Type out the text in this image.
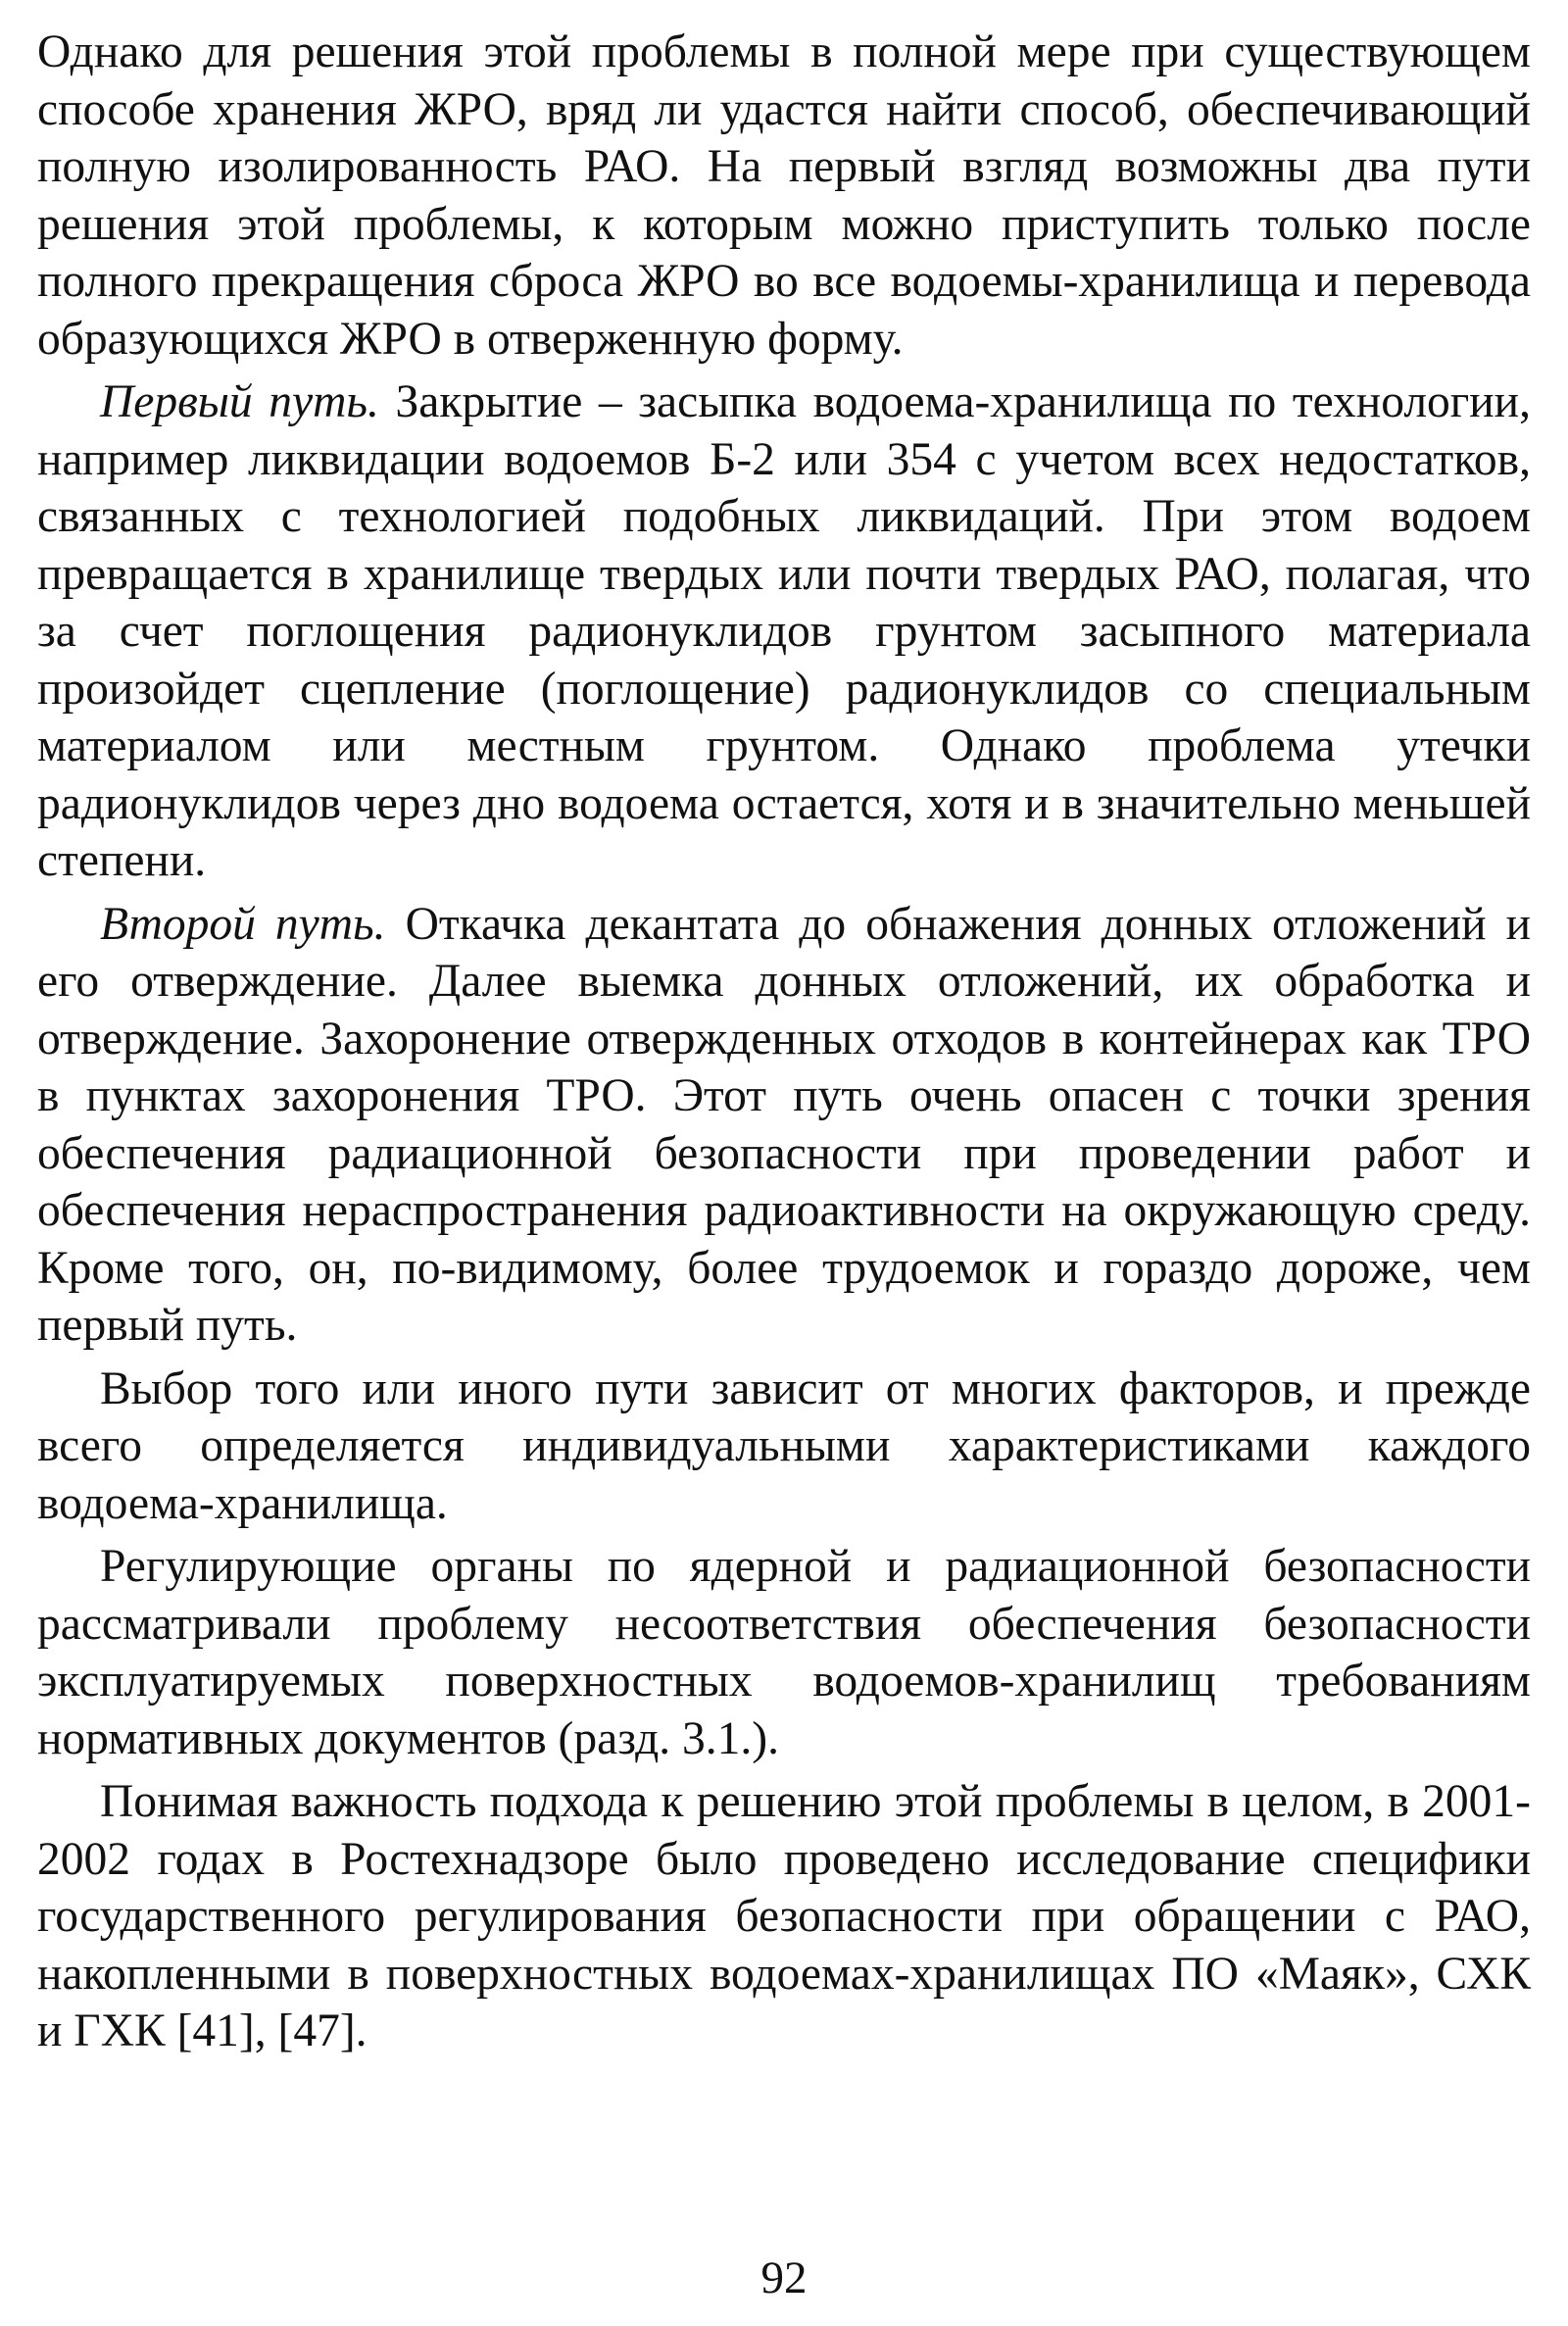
Однако для решения этой проблемы в полной мере при существующем способе хранения ЖРО, вряд ли удастся найти способ, обеспечивающий полную изолированность РАО. На первый взгляд возможны два пути решения этой проблемы, к которым можно приступить только после полного прекращения сброса ЖРО во все водоемы-хранилища и перевода образующихся ЖРО в отверженную форму.

Первый путь. Закрытие – засыпка водоема-хранилища по технологии, например ликвидации водоемов Б-2 или 354 с учетом всех недостатков, связанных с технологией подобных ликвидаций. При этом водоем превращается в хранилище твердых или почти твердых РАО, полагая, что за счет поглощения радионуклидов грунтом засыпного материала произойдет сцепление (поглощение) радионуклидов со специальным материалом или местным грунтом. Однако проблема утечки радионуклидов через дно водоема остается, хотя и в значительно меньшей степени.

Второй путь. Откачка декантата до обнажения донных отложений и его отверждение. Далее выемка донных отложений, их обработка и отверждение. Захоронение отвержденных отходов в контейнерах как ТРО в пунктах захоронения ТРО. Этот путь очень опасен с точки зрения обеспечения радиационной безопасности при проведении работ и обеспечения нераспространения радиоактивности на окружающую среду. Кроме того, он, по-видимому, более трудоемок и гораздо дороже, чем первый путь.

Выбор того или иного пути зависит от многих факторов, и прежде всего определяется индивидуальными характеристиками каждого водоема-хранилища.

Регулирующие органы по ядерной и радиационной безопасности рассматривали проблему несоответствия обеспечения безопасности эксплуатируемых поверхностных водоемов-хранилищ требованиям нормативных документов (разд. 3.1.).

Понимая важность подхода к решению этой проблемы в целом, в 2001-2002 годах в Ростехнадзоре было проведено исследование специфики государственного регулирования безопасности при обращении с РАО, накопленными в поверхностных водоемах-хранилищах ПО «Маяк», СХК и ГХК [41], [47].

92
